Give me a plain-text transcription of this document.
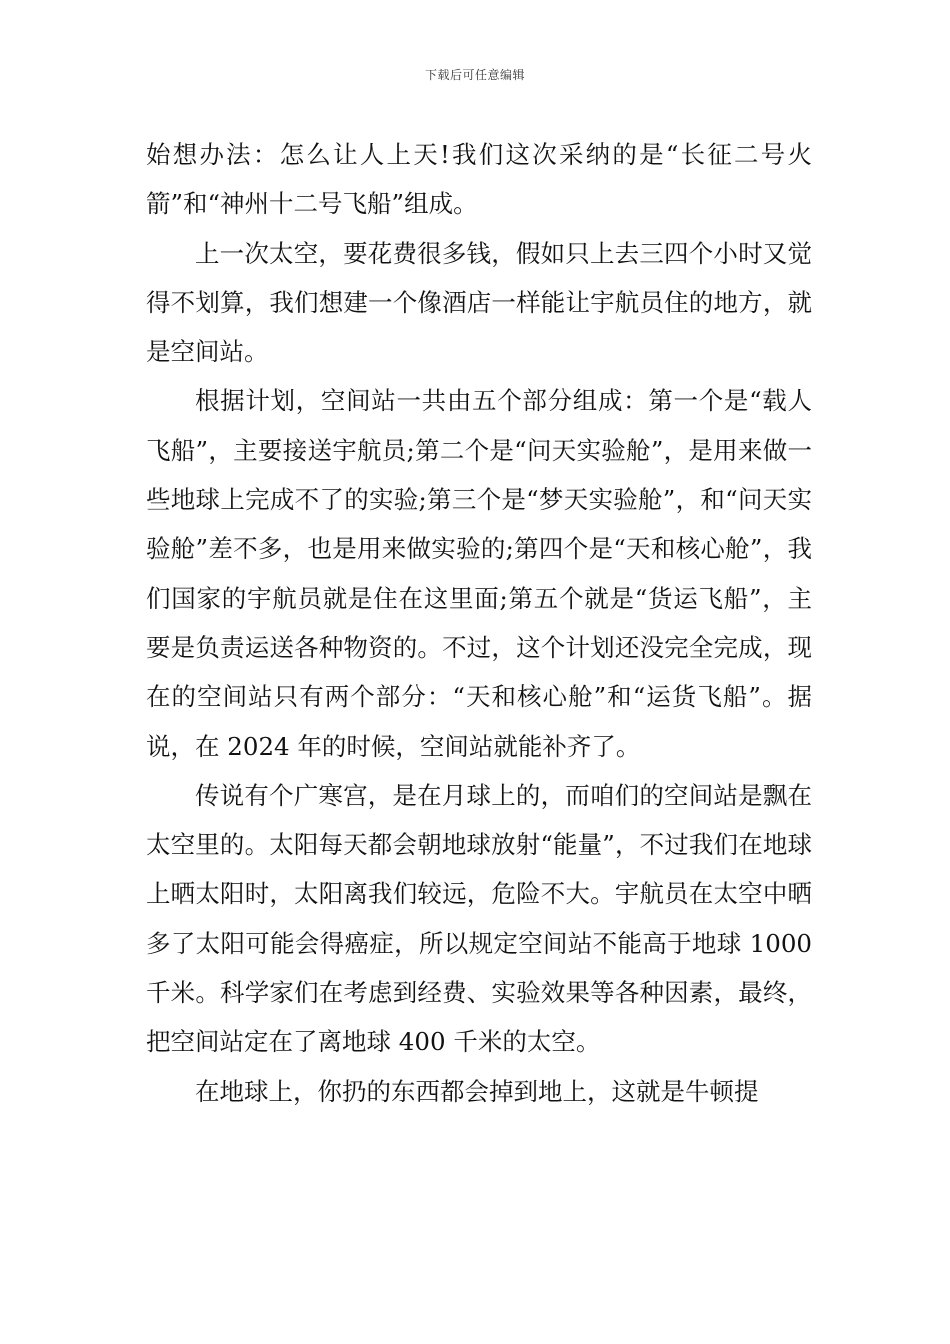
下载后可任意编辑

始想办法：怎么让人上天!我们这次采纳的是“长征二号火箭”和“神州十二号飞船”组成。

上一次太空，要花费很多钱，假如只上去三四个小时又觉得不划算，我们想建一个像酒店一样能让宇航员住的地方，就是空间站。

根据计划，空间站一共由五个部分组成：第一个是“载人飞船”，主要接送宇航员;第二个是“问天实验舱”，是用来做一些地球上完成不了的实验;第三个是“梦天实验舱”，和“问天实验舱”差不多，也是用来做实验的;第四个是“天和核心舱”，我们国家的宇航员就是住在这里面;第五个就是“货运飞船”，主要是负责运送各种物资的。不过，这个计划还没完全完成，现在的空间站只有两个部分：“天和核心舱”和“运货飞船”。据说，在 2024 年的时候，空间站就能补齐了。

传说有个广寒宫，是在月球上的，而咱们的空间站是飘在太空里的。太阳每天都会朝地球放射“能量”，不过我们在地球上晒太阳时，太阳离我们较远，危险不大。宇航员在太空中晒多了太阳可能会得癌症，所以规定空间站不能高于地球 1000 千米。科学家们在考虑到经费、实验效果等各种因素，最终，把空间站定在了离地球 400 千米的太空。

在地球上，你扔的东西都会掉到地上，这就是牛顿提
